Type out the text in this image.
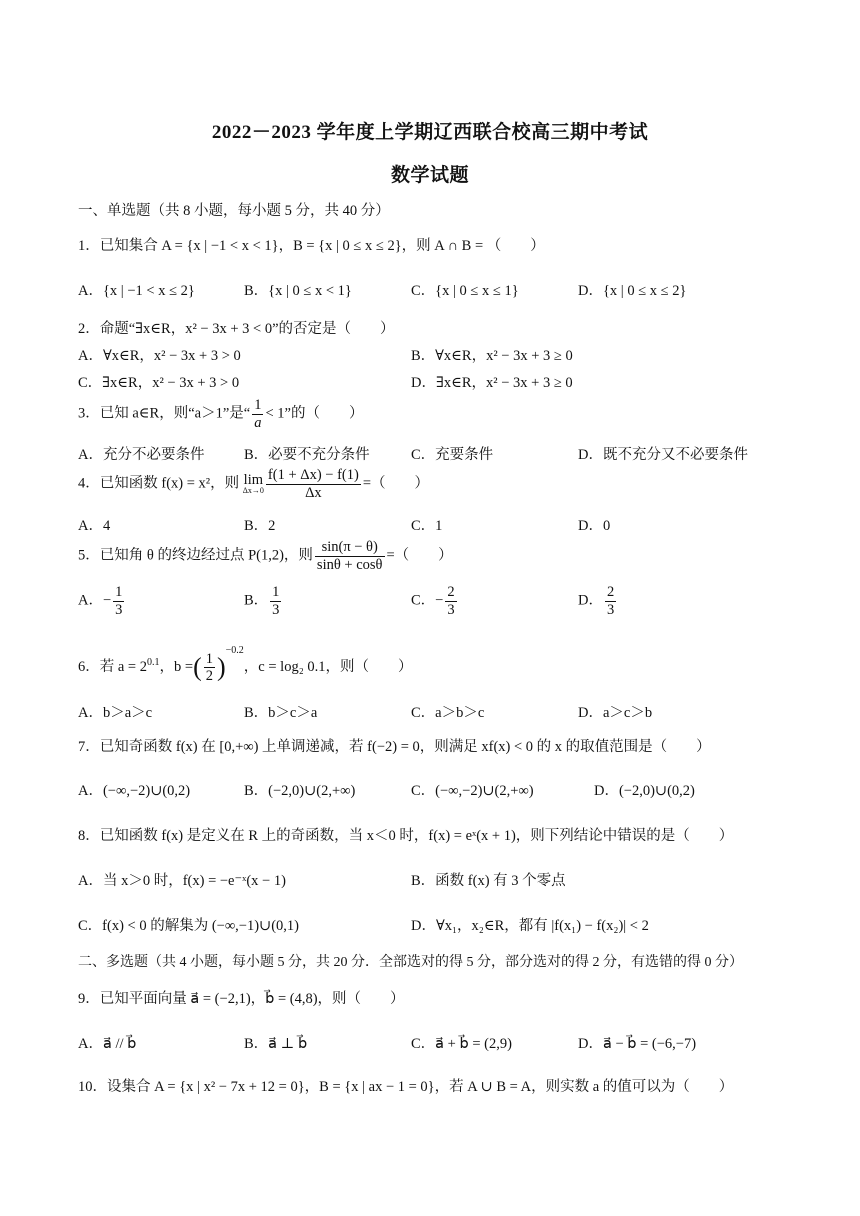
2022－2023 学年度上学期辽西联合校高三期中考试
数学试题
一、单选题（共 8 小题，每小题 5 分，共 40 分）
1．已知集合 A = {x | −1 < x < 1}，B = {x | 0 ≤ x ≤ 2}，则 A ∩ B = （　　）
A．{x | −1 < x ≤ 2}	B．{x | 0 ≤ x < 1}	C．{x | 0 ≤ x ≤ 1}	D．{x | 0 ≤ x ≤ 2}
2．命题“∃x∈R，x² − 3x + 3 < 0”的否定是（　　）
A．∀x∈R，x² − 3x + 3 > 0	B．∀x∈R，x² − 3x + 3 ≥ 0
C．∃x∈R，x² − 3x + 3 > 0	D．∃x∈R，x² − 3x + 3 ≥ 0
3．已知 a∈R，则“a＞1”是“ $\frac{1}{a} < 1$”的（　　）
A．充分不必要条件	B．必要不充分条件	C．充要条件	D．既不充分又不必要条件
4．已知函数 f(x) = x²，则 lim
$\Delta x\to 0 \frac{f(1 + \Delta x) - f(1)}{\Delta x}$ =（　　）
A．4	B．2	C．1	D．0
5．已知角 θ 的终边经过点 P(1,2)，则 $\frac{\sin(\pi - \theta)}{\sin\theta + \cos\theta}$ =（　　）
A．− $\frac{1}{3}$	B． $\frac{1}{3}$	C．− $\frac{2}{3}$	D． $\frac{2}{3}$
6．若 $a = 2^{0.1}$，b =( $\frac{1}{2} )^{-0.2}$，c = log₂ 0.1，则（　　）
A．b＞a＞c	B．b＞c＞a	C．a＞b＞c	D．a＞c＞b
7．已知奇函数 f(x) 在 [0,+∞) 上单调递减，若 f(−2) = 0，则满足 xf(x) < 0 的 x 的取值范围是（　　）
A．(−∞,−2)∪(0,2)	B．(−2,0)∪(2,+∞)	C．(−∞,−2)∪(2,+∞)	D．(−2,0)∪(0,2)
8．已知函数 f(x) 是定义在 R 上的奇函数，当 x＜0 时，f(x) = eˣ(x + 1)，则下列结论中错误的是（　　）
A．当 x＞0 时，f(x) = −e⁻ˣ(x − 1)	B．函数 f(x) 有 3 个零点
C．f(x) < 0 的解集为 (−∞,−1)∪(0,1)	D．∀x₁，x₂∈R，都有 |f(x₁) − f(x₂)| < 2
二、多选题（共 4 小题，每小题 5 分，共 20 分．全部选对的得 5 分，部分选对的得 2 分，有选错的得 0 分）
9．已知平面向量 a⃗ = (−2,1)，b⃗ = (4,8)，则（　　）
A．a⃗ // b⃗	B．a⃗ ⊥ b⃗	C．a⃗ + b⃗ = (2,9)	D．a⃗ − b⃗ = (−6,−7)
10．设集合 A = {x | x² − 7x + 12 = 0}，B = {x | ax − 1 = 0}，若 A ∪ B = A，则实数 a 的值可以为（　　）
